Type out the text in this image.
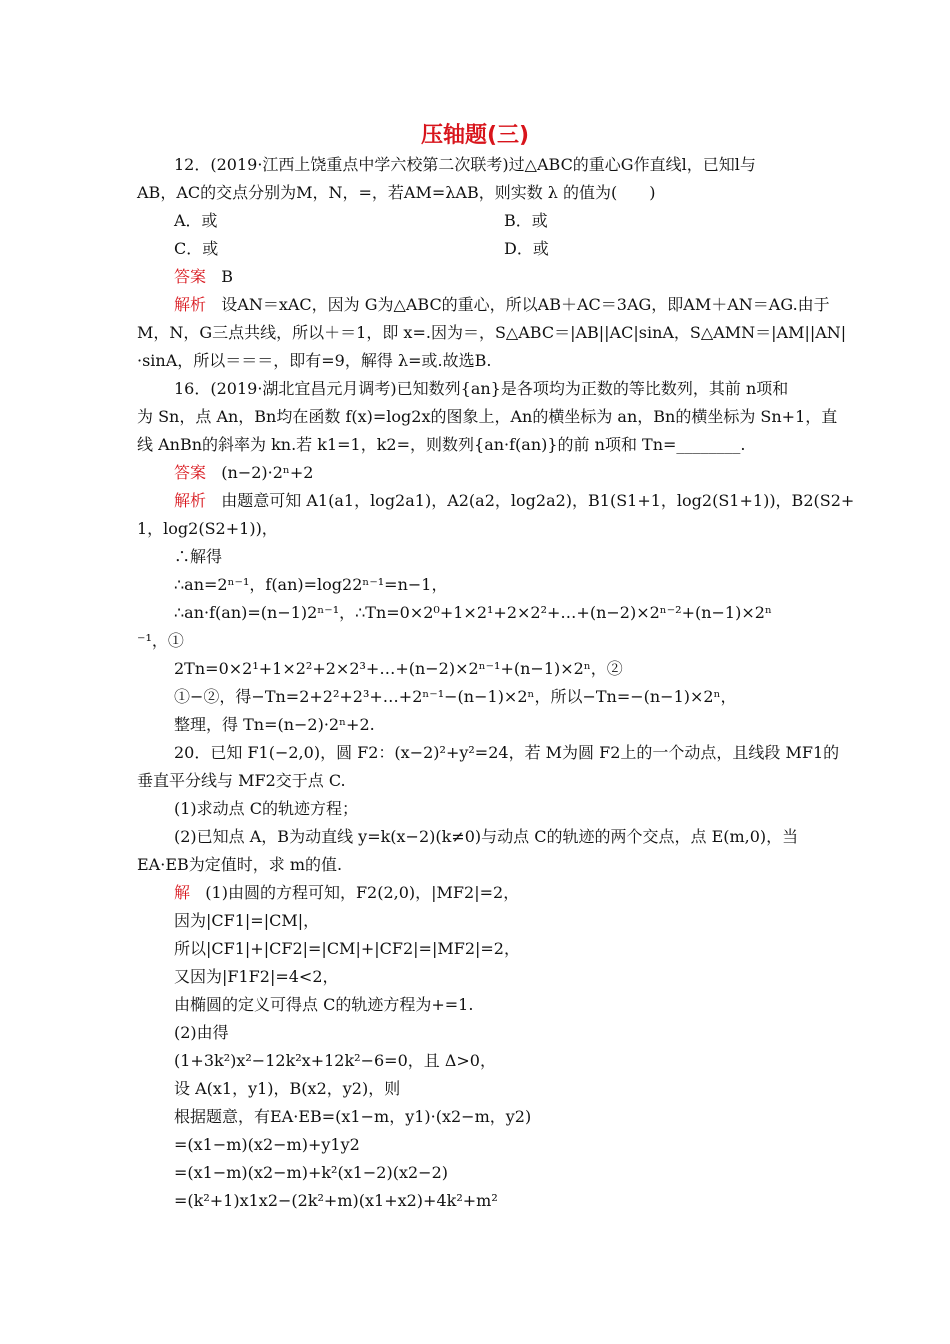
压轴题(三)
12．(2019·江西上饶重点中学六校第二次联考)过△ABC的重心G作直线l，已知l与
AB，AC的交点分别为M，N，=，若AM=λAB，则实数 λ 的值为(　　)
A．或	B．或
C．或	D．或
答案 B
解析 设AN＝xAC，因为 G为△ABC的重心，所以AB＋AC＝3AG，即AM＋AN＝AG.由于
M，N，G三点共线，所以＋＝1，即 x=.因为＝，S△ABC＝|AB||AC|sinA，S△AMN＝|AM||AN|
·sinA，所以＝＝＝，即有=9，解得 λ=或.故选B.
16．(2019·湖北宜昌元月调考)已知数列{an}是各项均为正数的等比数列，其前 n项和
为 Sn，点 An，Bn均在函数 f(x)=log2x的图象上，An的横坐标为 an，Bn的横坐标为 Sn+1，直
线 AnBn的斜率为 kn.若 k1=1，k2=，则数列{an·f(an)}的前 n项和 Tn=________.
答案 (n−2)·2ⁿ+2
解析 由题意可知 A1(a1，log2a1)，A2(a2，log2a2)，B1(S1+1，log2(S1+1))，B2(S2+
1，log2(S2+1))，
∴解得
∴an=2ⁿ⁻¹，f(an)=log22ⁿ⁻¹=n−1，
∴an·f(an)=(n−1)2ⁿ⁻¹，∴Tn=0×2⁰+1×2¹+2×2²+…+(n−2)×2ⁿ⁻²+(n−1)×2ⁿ
⁻¹，①
2Tn=0×2¹+1×2²+2×2³+…+(n−2)×2ⁿ⁻¹+(n−1)×2ⁿ，②
①−②，得−Tn=2+2²+2³+…+2ⁿ⁻¹−(n−1)×2ⁿ，所以−Tn=−(n−1)×2ⁿ，
整理，得 Tn=(n−2)·2ⁿ+2.
20．已知 F1(−2,0)，圆 F2：(x−2)²+y²=24，若 M为圆 F2上的一个动点，且线段 MF1的
垂直平分线与 MF2交于点 C.
(1)求动点 C的轨迹方程；
(2)已知点 A，B为动直线 y=k(x−2)(k≠0)与动点 C的轨迹的两个交点，点 E(m,0)，当
EA·EB为定值时，求 m的值.
解 (1)由圆的方程可知，F2(2,0)，|MF2|=2，
因为|CF1|=|CM|，
所以|CF1|+|CF2|=|CM|+|CF2|=|MF2|=2，
又因为|F1F2|=4<2，
由椭圆的定义可得点 C的轨迹方程为+=1.
(2)由得
(1+3k²)x²−12k²x+12k²−6=0，且 Δ>0，
设 A(x1，y1)，B(x2，y2)，则
根据题意，有EA·EB=(x1−m，y1)·(x2−m，y2)
=(x1−m)(x2−m)+y1y2
=(x1−m)(x2−m)+k²(x1−2)(x2−2)
=(k²+1)x1x2−(2k²+m)(x1+x2)+4k²+m²
